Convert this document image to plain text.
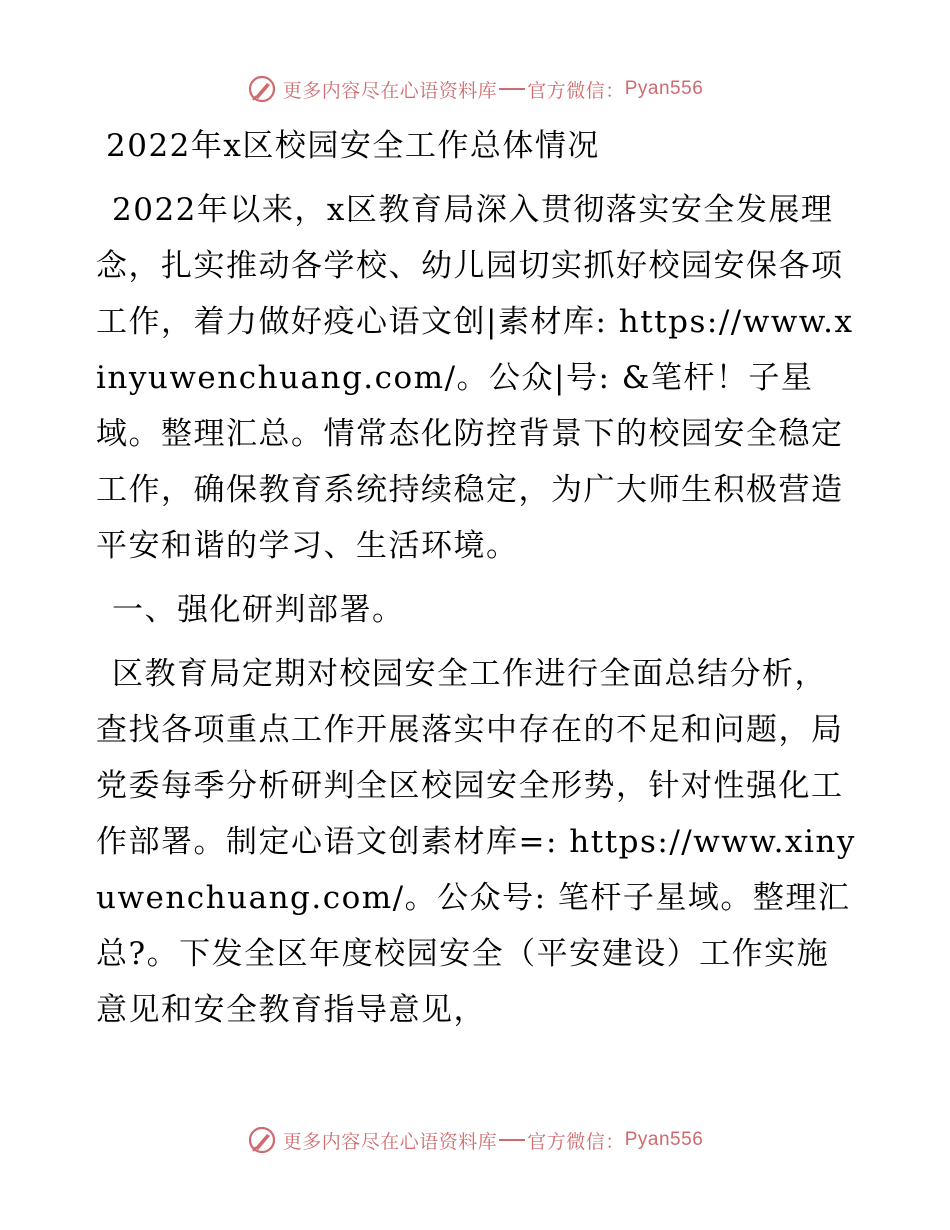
更多内容尽在心语资料库 官方微信： Pyan556

2022年x区校园安全工作总体情况

2022年以来，x区教育局深入贯彻落实安全发展理念，扎实推动各学校、幼儿园切实抓好校园安保各项工作，着力做好疫心语文创|素材库: https://www.xinyuwenchuang.com/。公众|号: &笔杆！子星域。整理汇总。情常态化防控背景下的校园安全稳定工作，确保教育系统持续稳定，为广大师生积极营造平安和谐的学习、生活环境。

一、强化研判部署。

区教育局定期对校园安全工作进行全面总结分析，查找各项重点工作开展落实中存在的不足和问题，局党委每季分析研判全区校园安全形势，针对性强化工作部署。制定心语文创素材库=: https://www.xinyuwenchuang.com/。公众号: 笔杆子星域。整理汇总?。下发全区年度校园安全（平安建设）工作实施意见和安全教育指导意见，

更多内容尽在心语资料库 官方微信： Pyan556
